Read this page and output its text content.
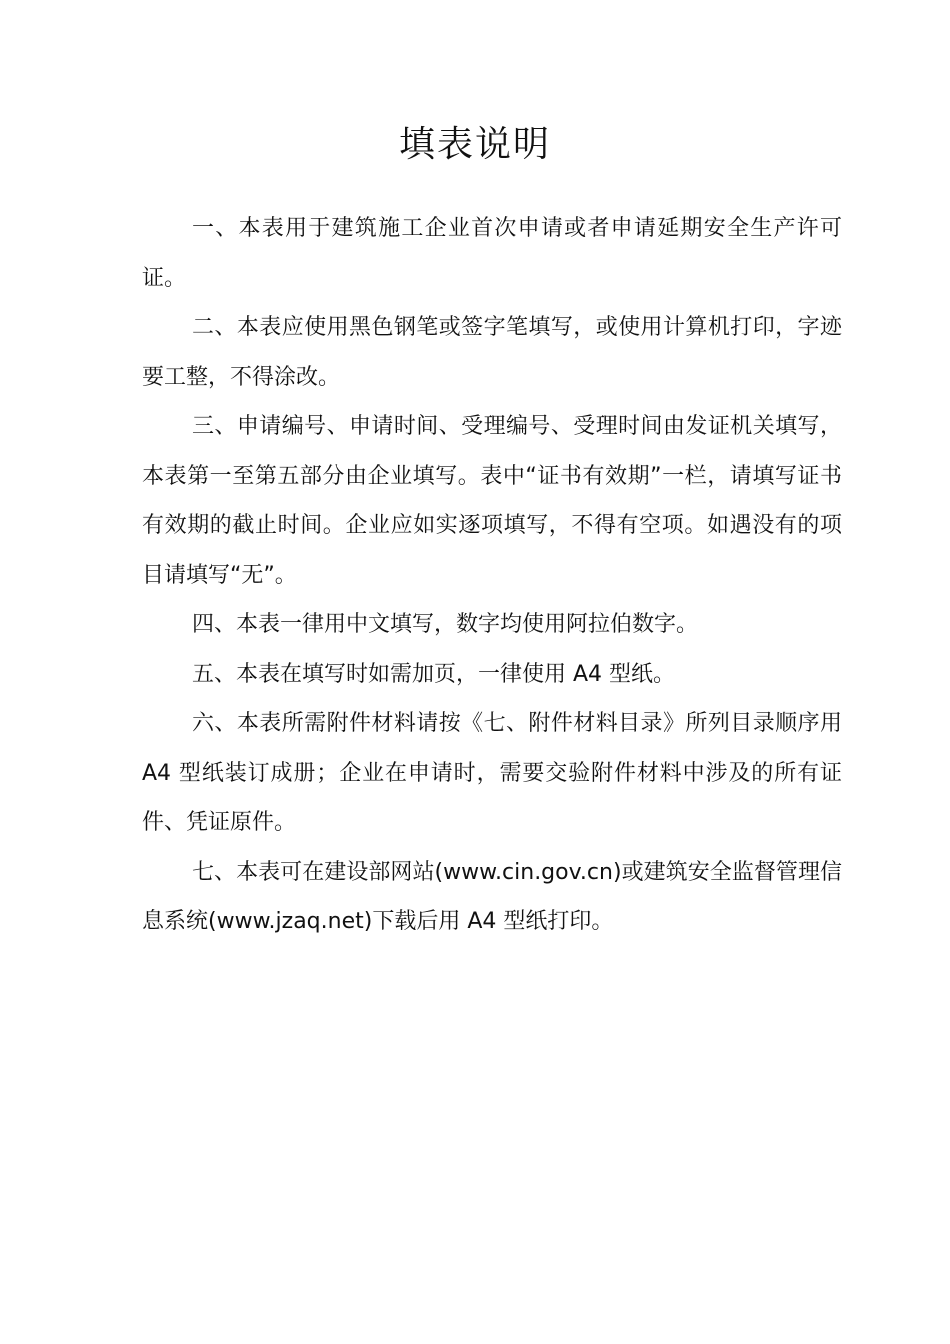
填表说明

一、本表用于建筑施工企业首次申请或者申请延期安全生产许可证。

二、本表应使用黑色钢笔或签字笔填写，或使用计算机打印，字迹要工整，不得涂改。

三、申请编号、申请时间、受理编号、受理时间由发证机关填写，本表第一至第五部分由企业填写。表中“证书有效期”一栏，请填写证书有效期的截止时间。企业应如实逐项填写，不得有空项。如遇没有的项目请填写“无”。

四、本表一律用中文填写，数字均使用阿拉伯数字。

五、本表在填写时如需加页，一律使用 A4 型纸。

六、本表所需附件材料请按《七、附件材料目录》所列目录顺序用 A4 型纸装订成册；企业在申请时，需要交验附件材料中涉及的所有证件、凭证原件。

七、本表可在建设部网站(www.cin.gov.cn)或建筑安全监督管理信息系统(www.jzaq.net)下载后用 A4 型纸打印。
